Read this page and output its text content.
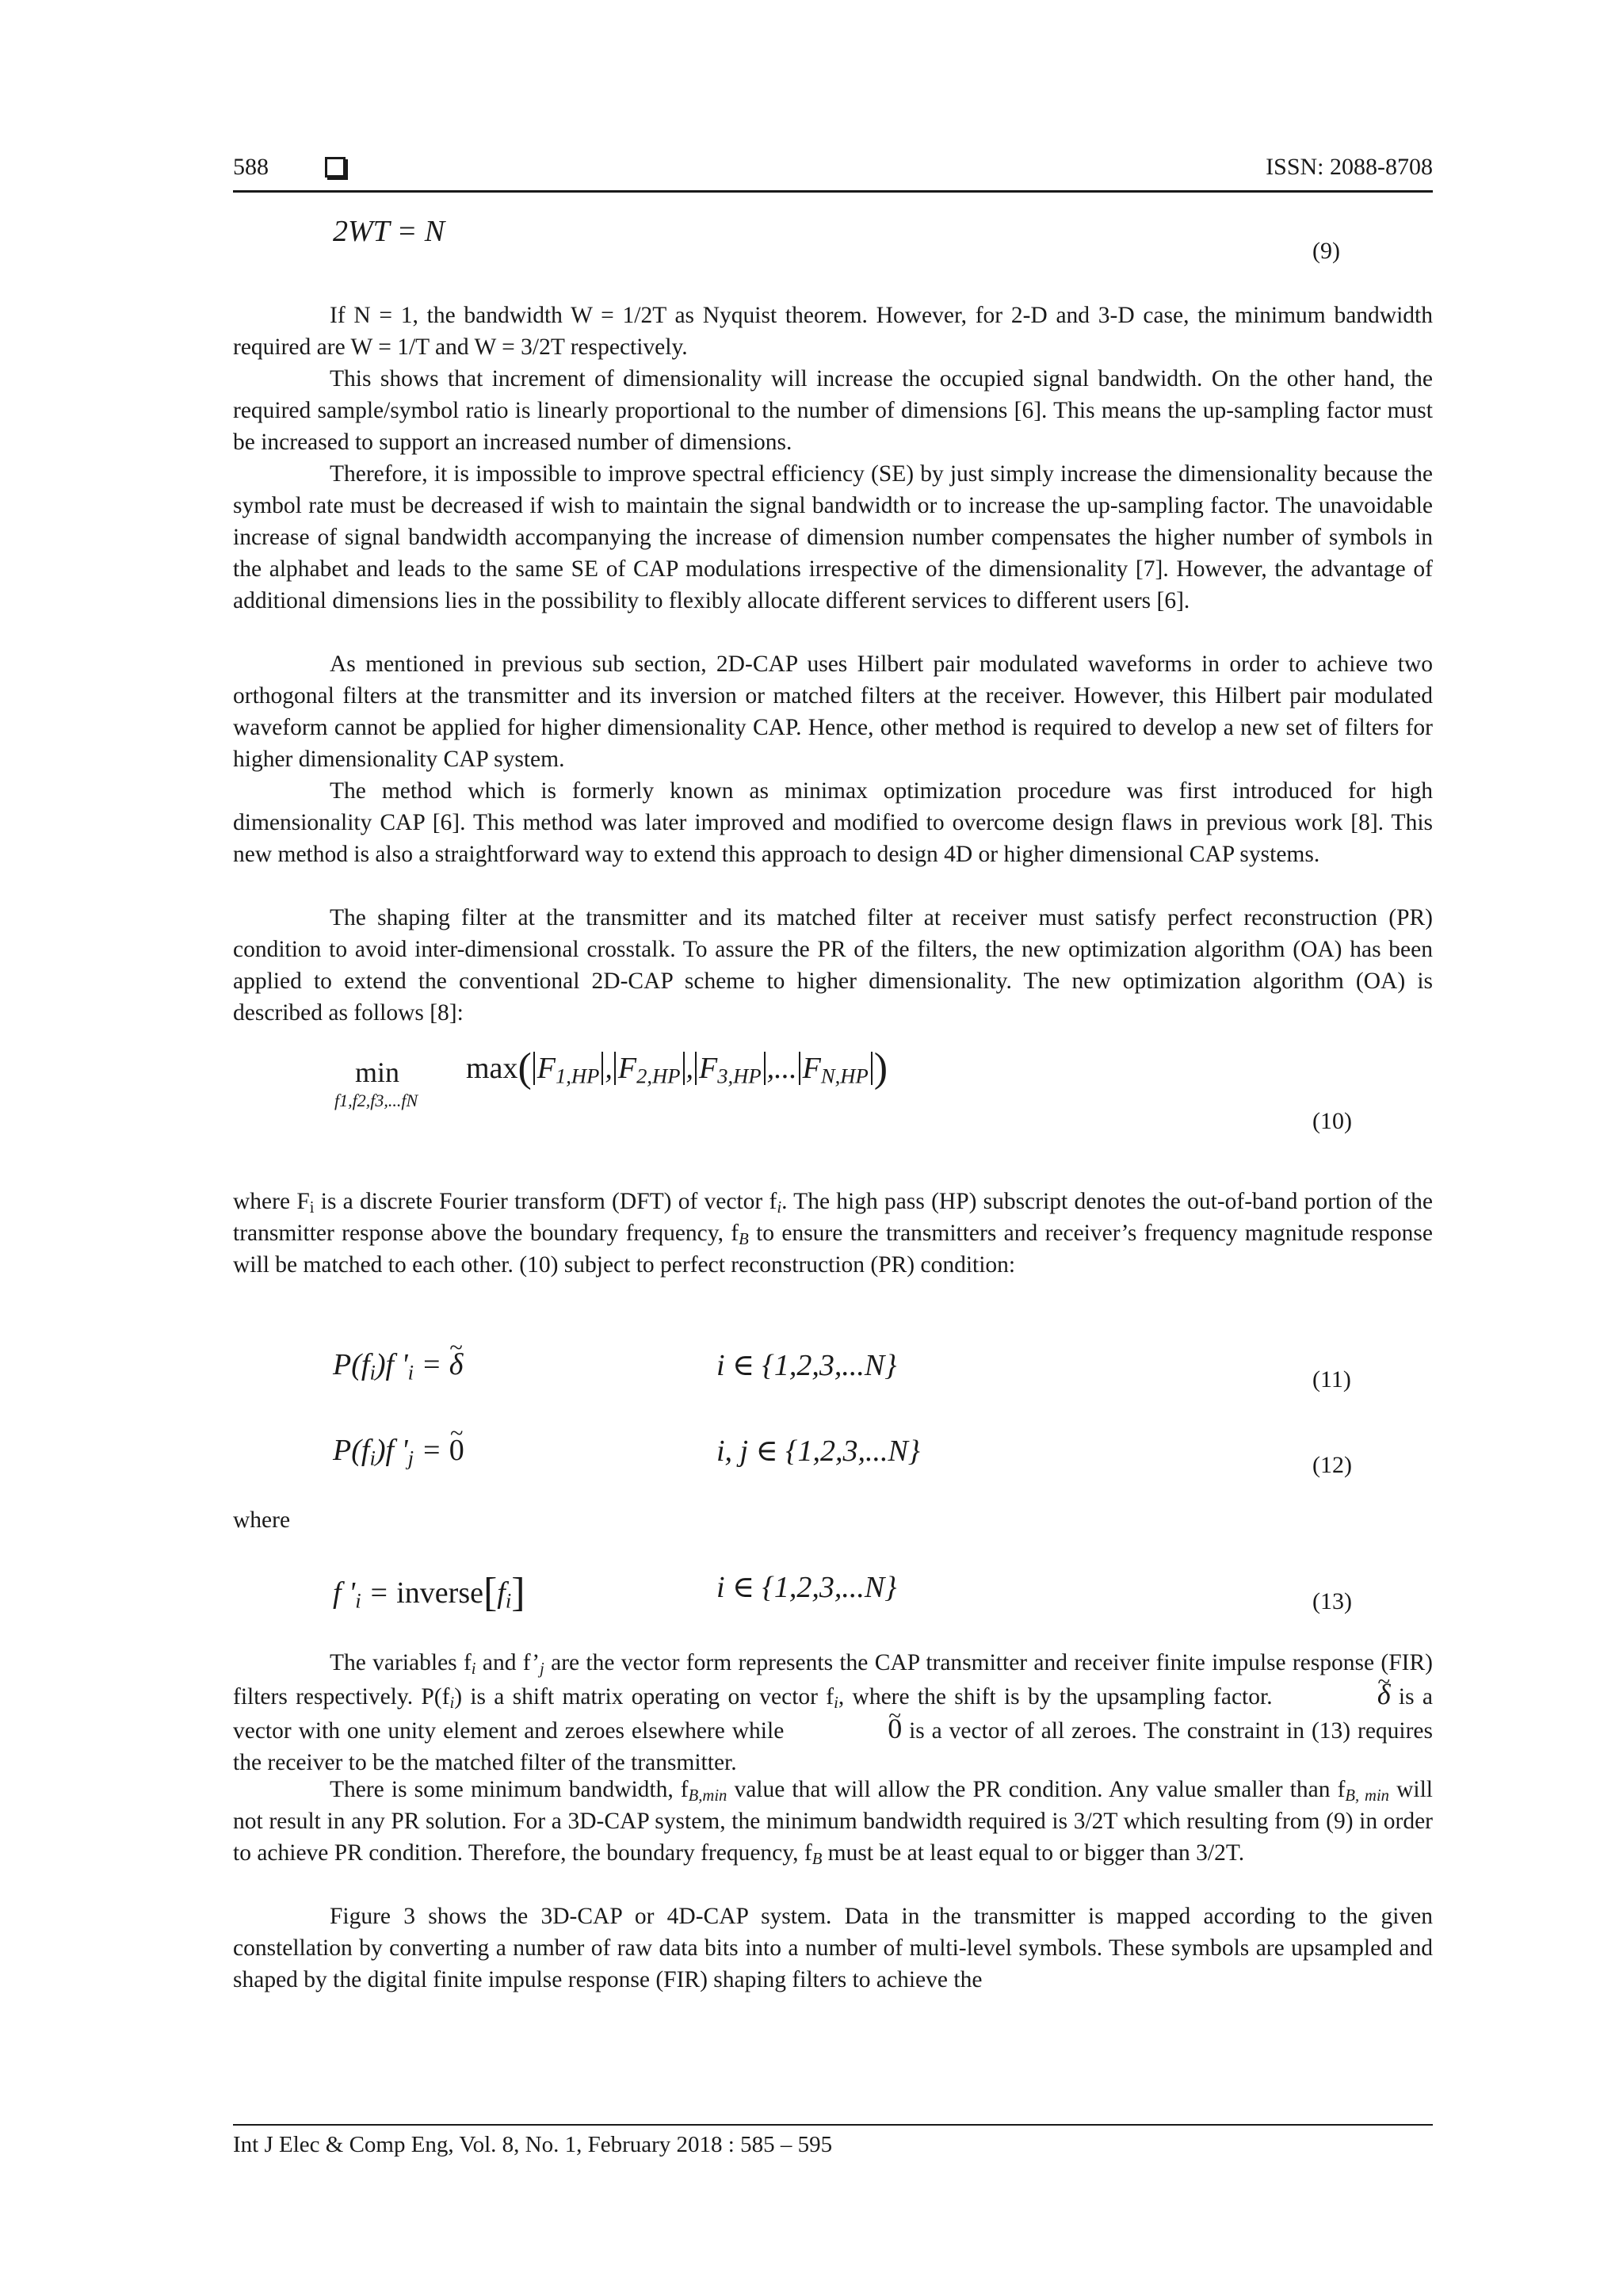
588	ISSN: 2088-8708
2WT = N
(9)
If N = 1, the bandwidth W = 1/2T as Nyquist theorem. However, for 2-D and 3-D case, the minimum bandwidth required are W = 1/T and W = 3/2T respectively.
This shows that increment of dimensionality will increase the occupied signal bandwidth. On the other hand, the required sample/symbol ratio is linearly proportional to the number of dimensions [6]. This means the up-sampling factor must be increased to support an increased number of dimensions.
Therefore, it is impossible to improve spectral efficiency (SE) by just simply increase the dimensionality because the symbol rate must be decreased if wish to maintain the signal bandwidth or to increase the up-sampling factor. The unavoidable increase of signal bandwidth accompanying the increase of dimension number compensates the higher number of symbols in the alphabet and leads to the same SE of CAP modulations irrespective of the dimensionality [7]. However, the advantage of additional dimensions lies in the possibility to flexibly allocate different services to different users [6].
As mentioned in previous sub section, 2D-CAP uses Hilbert pair modulated waveforms in order to achieve two orthogonal filters at the transmitter and its inversion or matched filters at the receiver. However, this Hilbert pair modulated waveform cannot be applied for higher dimensionality CAP. Hence, other method is required to develop a new set of filters for higher dimensionality CAP system.
The method which is formerly known as minimax optimization procedure was first introduced for high dimensionality CAP [6]. This method was later improved and modified to overcome design flaws in previous work [8]. This new method is also a straightforward way to extend this approach to design 4D or higher dimensional CAP systems.
The shaping filter at the transmitter and its matched filter at receiver must satisfy perfect reconstruction (PR) condition to avoid inter-dimensional crosstalk. To assure the PR of the filters, the new optimization algorithm (OA) has been applied to extend the conventional 2D-CAP scheme to higher dimensionality. The new optimization algorithm (OA) is described as follows [8]:
min
f1,f2,f3,...fN
max( $F_{1,HP}$ , $F_{2,HP}$ , $F_{3,HP}$ ,... $F_{N,HP}$ )
(10)
where $F_i$ is a discrete Fourier transform (DFT) of vector $f_i$. The high pass (HP) subscript denotes the out-of-band portion of the transmitter response above the boundary frequency, $f_B$ to ensure the transmitters and receiver’s frequency magnitude response will be matched to each other. (10) subject to perfect reconstruction (PR) condition:
$P(f_i)f$ '$_i$ = ~ δ	i ∈ {1,2,3,...N}	(11)
$P(f_i)f$ '$_j$ = ~ 0	i, j ∈ {1,2,3,...N}	(12)
where
f '$_i$ = $inverse[f_i]$	i ∈ {1,2,3,...N}	(13)
The variables $f_i$ and $f’_j$ are the vector form represents the CAP transmitter and receiver finite impulse response (FIR) filters respectively. $P(f_i)$ is a shift matrix operating on vector $f_i$, where the shift is by the upsampling factor.	~ δ is a vector with one unity element and zeroes elsewhere while	~ 0 is a vector of all zeroes. The constraint in (13) requires the receiver to be the matched filter of the transmitter.
There is some minimum bandwidth, $f_{B,min}$ value that will allow the PR condition. Any value smaller than $f_{B, min}$ will not result in any PR solution. For a 3D-CAP system, the minimum bandwidth required is 3/2T which resulting from (9) in order to achieve PR condition. Therefore, the boundary frequency, $f_B$ must be at least equal to or bigger than 3/2T.
Figure 3 shows the 3D-CAP or 4D-CAP system. Data in the transmitter is mapped according to the given constellation by converting a number of raw data bits into a number of multi-level symbols. These symbols are upsampled and shaped by the digital finite impulse response (FIR) shaping filters to achieve the
Int J Elec & Comp Eng, Vol. 8, No. 1, February 2018 : 585 – 595
